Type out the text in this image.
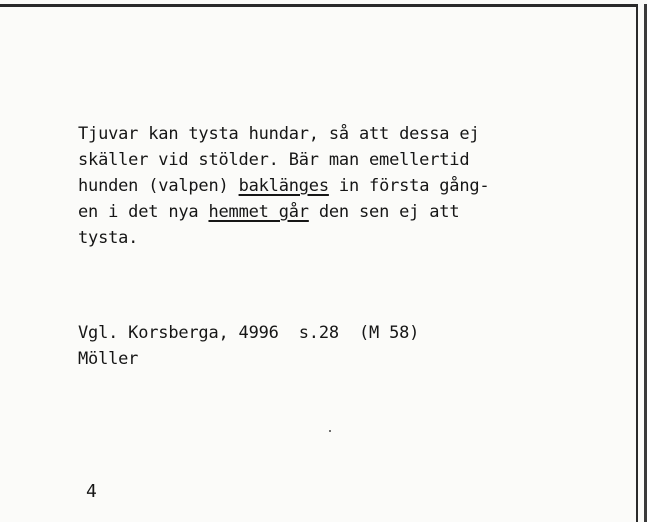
Tjuvar kan tysta hundar, så att dessa ej

skäller vid stölder. Bär man emellertid

hunden (valpen) baklänges in första gång-

en i det nya hemmet går den sen ej att

tysta.

Vgl. Korsberga, 4996  s.28  (M 58)

Möller

4
